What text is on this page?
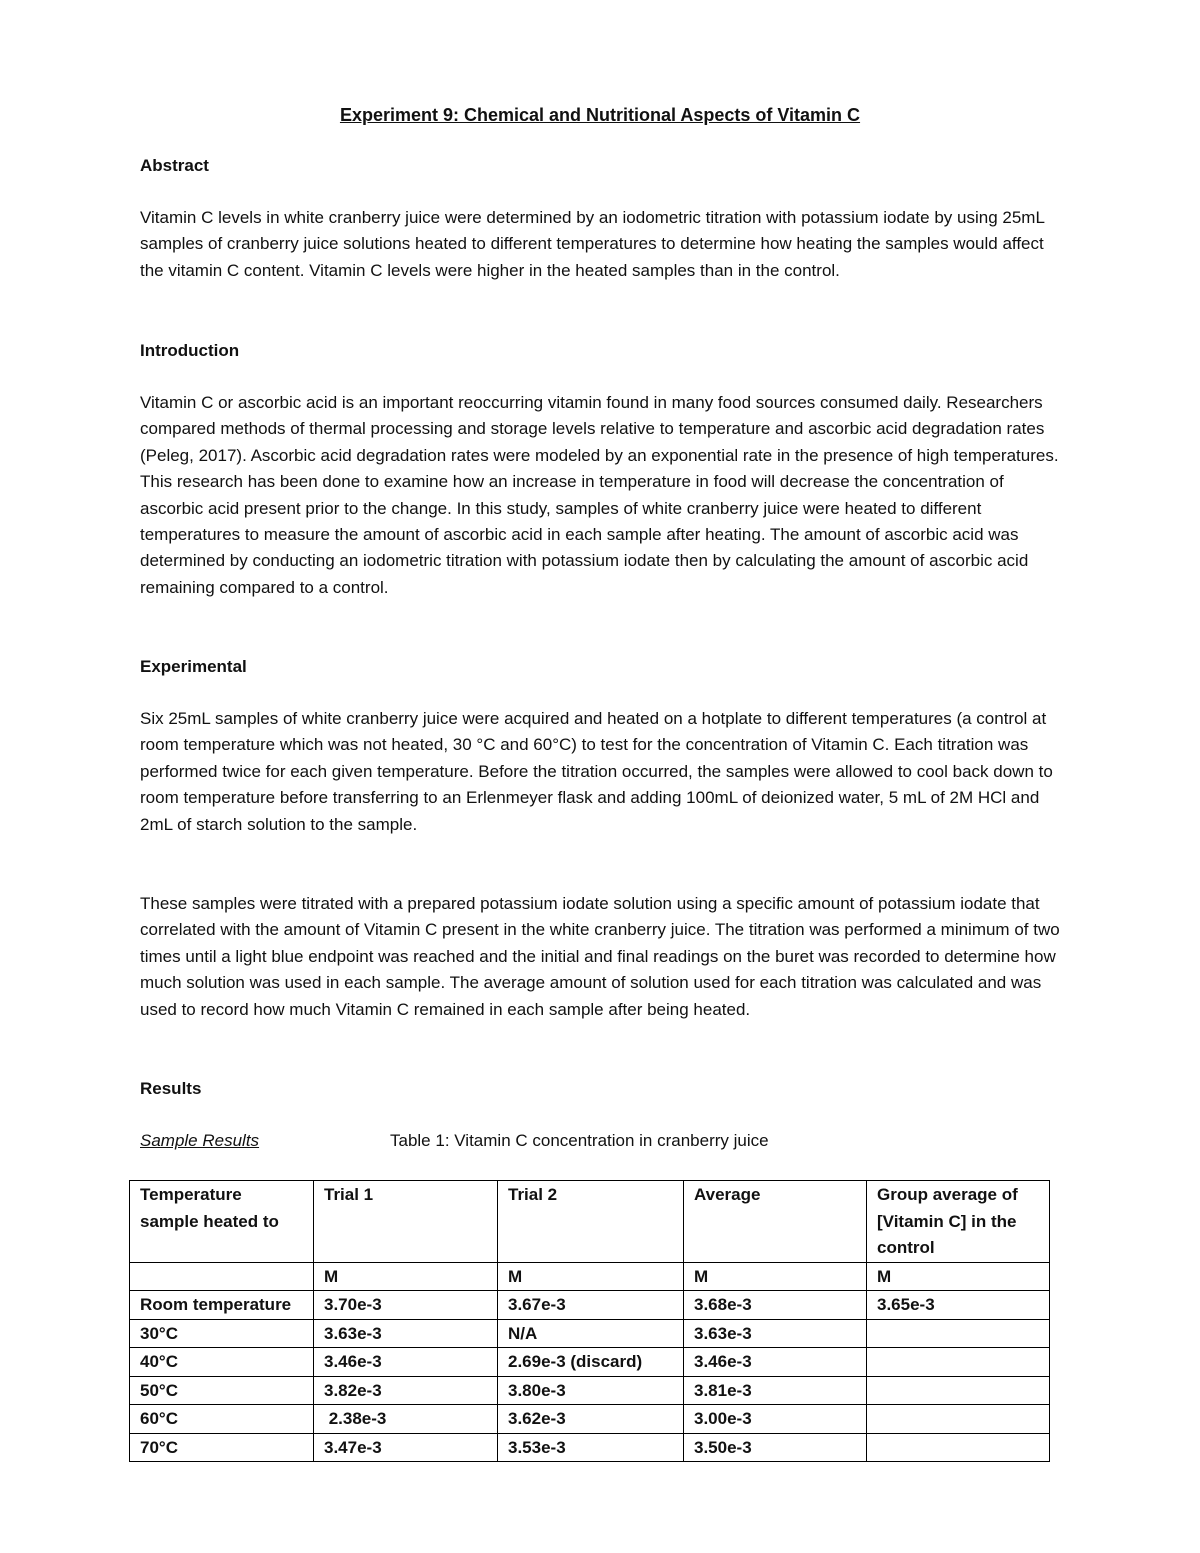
Experiment 9: Chemical and Nutritional Aspects of Vitamin C
Abstract

Vitamin C levels in white cranberry juice were determined by an iodometric titration with potassium iodate by using 25mL samples of cranberry juice solutions heated to different temperatures to determine how heating the samples would affect the vitamin C content. Vitamin C levels were higher in the heated samples than in the control.

Introduction

Vitamin C or ascorbic acid is an important reoccurring vitamin found in many food sources consumed daily. Researchers compared methods of thermal processing and storage levels relative to temperature and ascorbic acid degradation rates (Peleg, 2017). Ascorbic acid degradation rates were modeled by an exponential rate in the presence of high temperatures. This research has been done to examine how an increase in temperature in food will decrease the concentration of ascorbic acid present prior to the change. In this study, samples of white cranberry juice were heated to different temperatures to measure the amount of ascorbic acid in each sample after heating. The amount of ascorbic acid was determined by conducting an iodometric titration with potassium iodate then by calculating the amount of ascorbic acid remaining compared to a control.

Experimental

Six 25mL samples of white cranberry juice were acquired and heated on a hotplate to different temperatures (a control at room temperature which was not heated, 30 °C and 60°C) to test for the concentration of Vitamin C. Each titration was performed twice for each given temperature. Before the titration occurred, the samples were allowed to cool back down to room temperature before transferring to an Erlenmeyer flask and adding 100mL of deionized water, 5 mL of 2M HCl and 2mL of starch solution to the sample.

These samples were titrated with a prepared potassium iodate solution using a specific amount of potassium iodate that correlated with the amount of Vitamin C present in the white cranberry juice. The titration was performed a minimum of two times until a light blue endpoint was reached and the initial and final readings on the buret was recorded to determine how much solution was used in each sample. The average amount of solution used for each titration was calculated and was used to record how much Vitamin C remained in each sample after being heated.

Results
Sample Results	Table 1: Vitamin C concentration in cranberry juice
Temperature sample heated to	Trial 1	Trial 2	Average	Group average of [Vitamin C] in the control
	M	M	M	M
Room temperature	3.70e-3	3.67e-3	3.68e-3	3.65e-3
30°C	3.63e-3	N/A	3.63e-3	
40°C	3.46e-3	2.69e-3 (discard)	3.46e-3	
50°C	3.82e-3	3.80e-3	3.81e-3	
60°C	2.38e-3	3.62e-3	3.00e-3	
70°C	3.47e-3	3.53e-3	3.50e-3	
